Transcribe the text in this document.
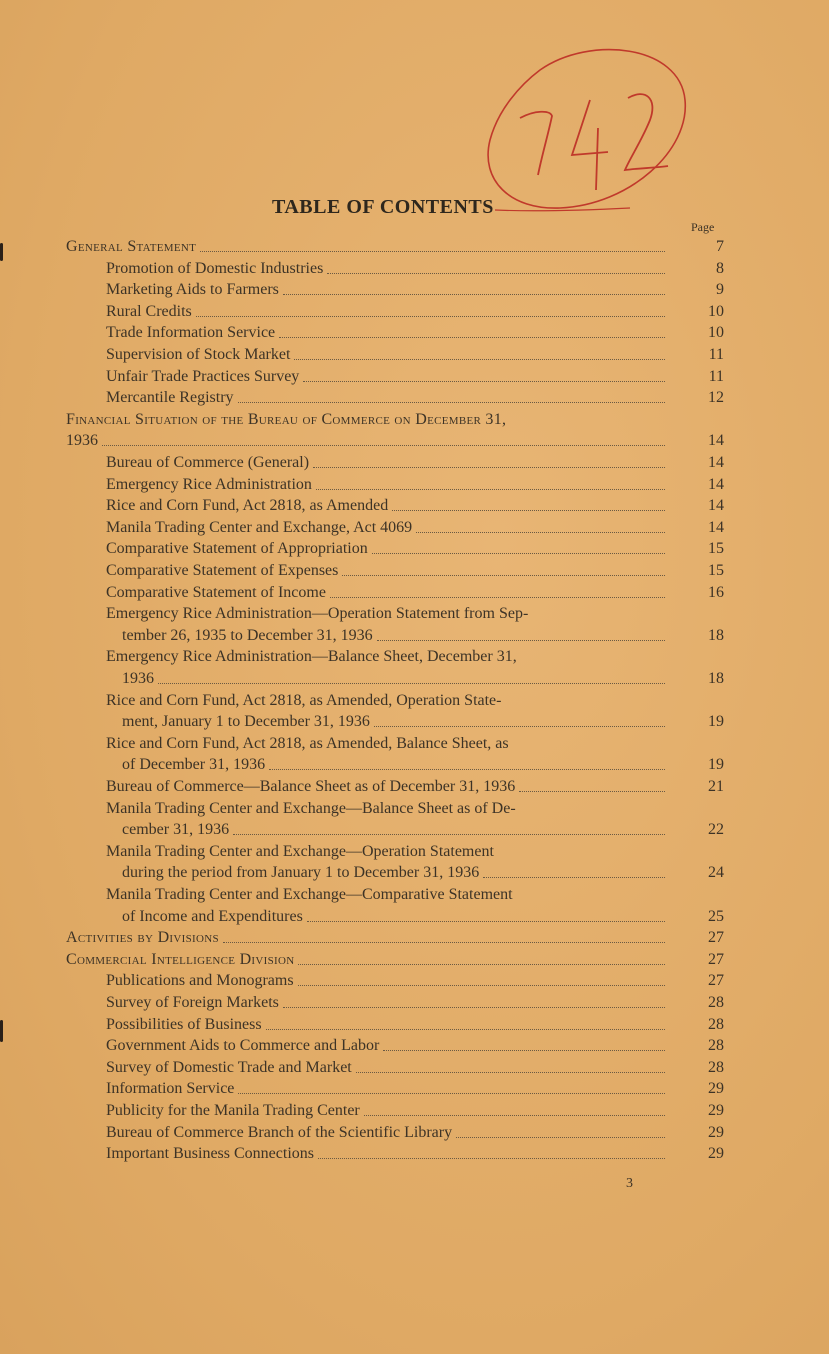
TABLE OF CONTENTS
Page
General Statement	7
Promotion of Domestic Industries	8
Marketing Aids to Farmers	9
Rural Credits	10
Trade Information Service	10
Supervision of Stock Market	11
Unfair Trade Practices Survey	11
Mercantile Registry	12
Financial Situation of the Bureau of Commerce on December 31,
1936	14
Bureau of Commerce (General)	14
Emergency Rice Administration	14
Rice and Corn Fund, Act 2818, as Amended	14
Manila Trading Center and Exchange, Act 4069	14
Comparative Statement of Appropriation	15
Comparative Statement of Expenses	15
Comparative Statement of Income	16
Emergency Rice Administration—Operation Statement from Sep-
tember 26, 1935 to December 31, 1936	18
Emergency Rice Administration—Balance Sheet, December 31,
1936	18
Rice and Corn Fund, Act 2818, as Amended, Operation State-
ment, January 1 to December 31, 1936	19
Rice and Corn Fund, Act 2818, as Amended, Balance Sheet, as
of December 31, 1936	19
Bureau of Commerce—Balance Sheet as of December 31, 1936	21
Manila Trading Center and Exchange—Balance Sheet as of De-
cember 31, 1936	22
Manila Trading Center and Exchange—Operation Statement
during the period from January 1 to December 31, 1936	24
Manila Trading Center and Exchange—Comparative Statement
of Income and Expenditures	25
Activities by Divisions	27
Commercial Intelligence Division	27
Publications and Monograms	27
Survey of Foreign Markets	28
Possibilities of Business	28
Government Aids to Commerce and Labor	28
Survey of Domestic Trade and Market	28
Information Service	29
Publicity for the Manila Trading Center	29
Bureau of Commerce Branch of the Scientific Library	29
Important Business Connections	29
3
